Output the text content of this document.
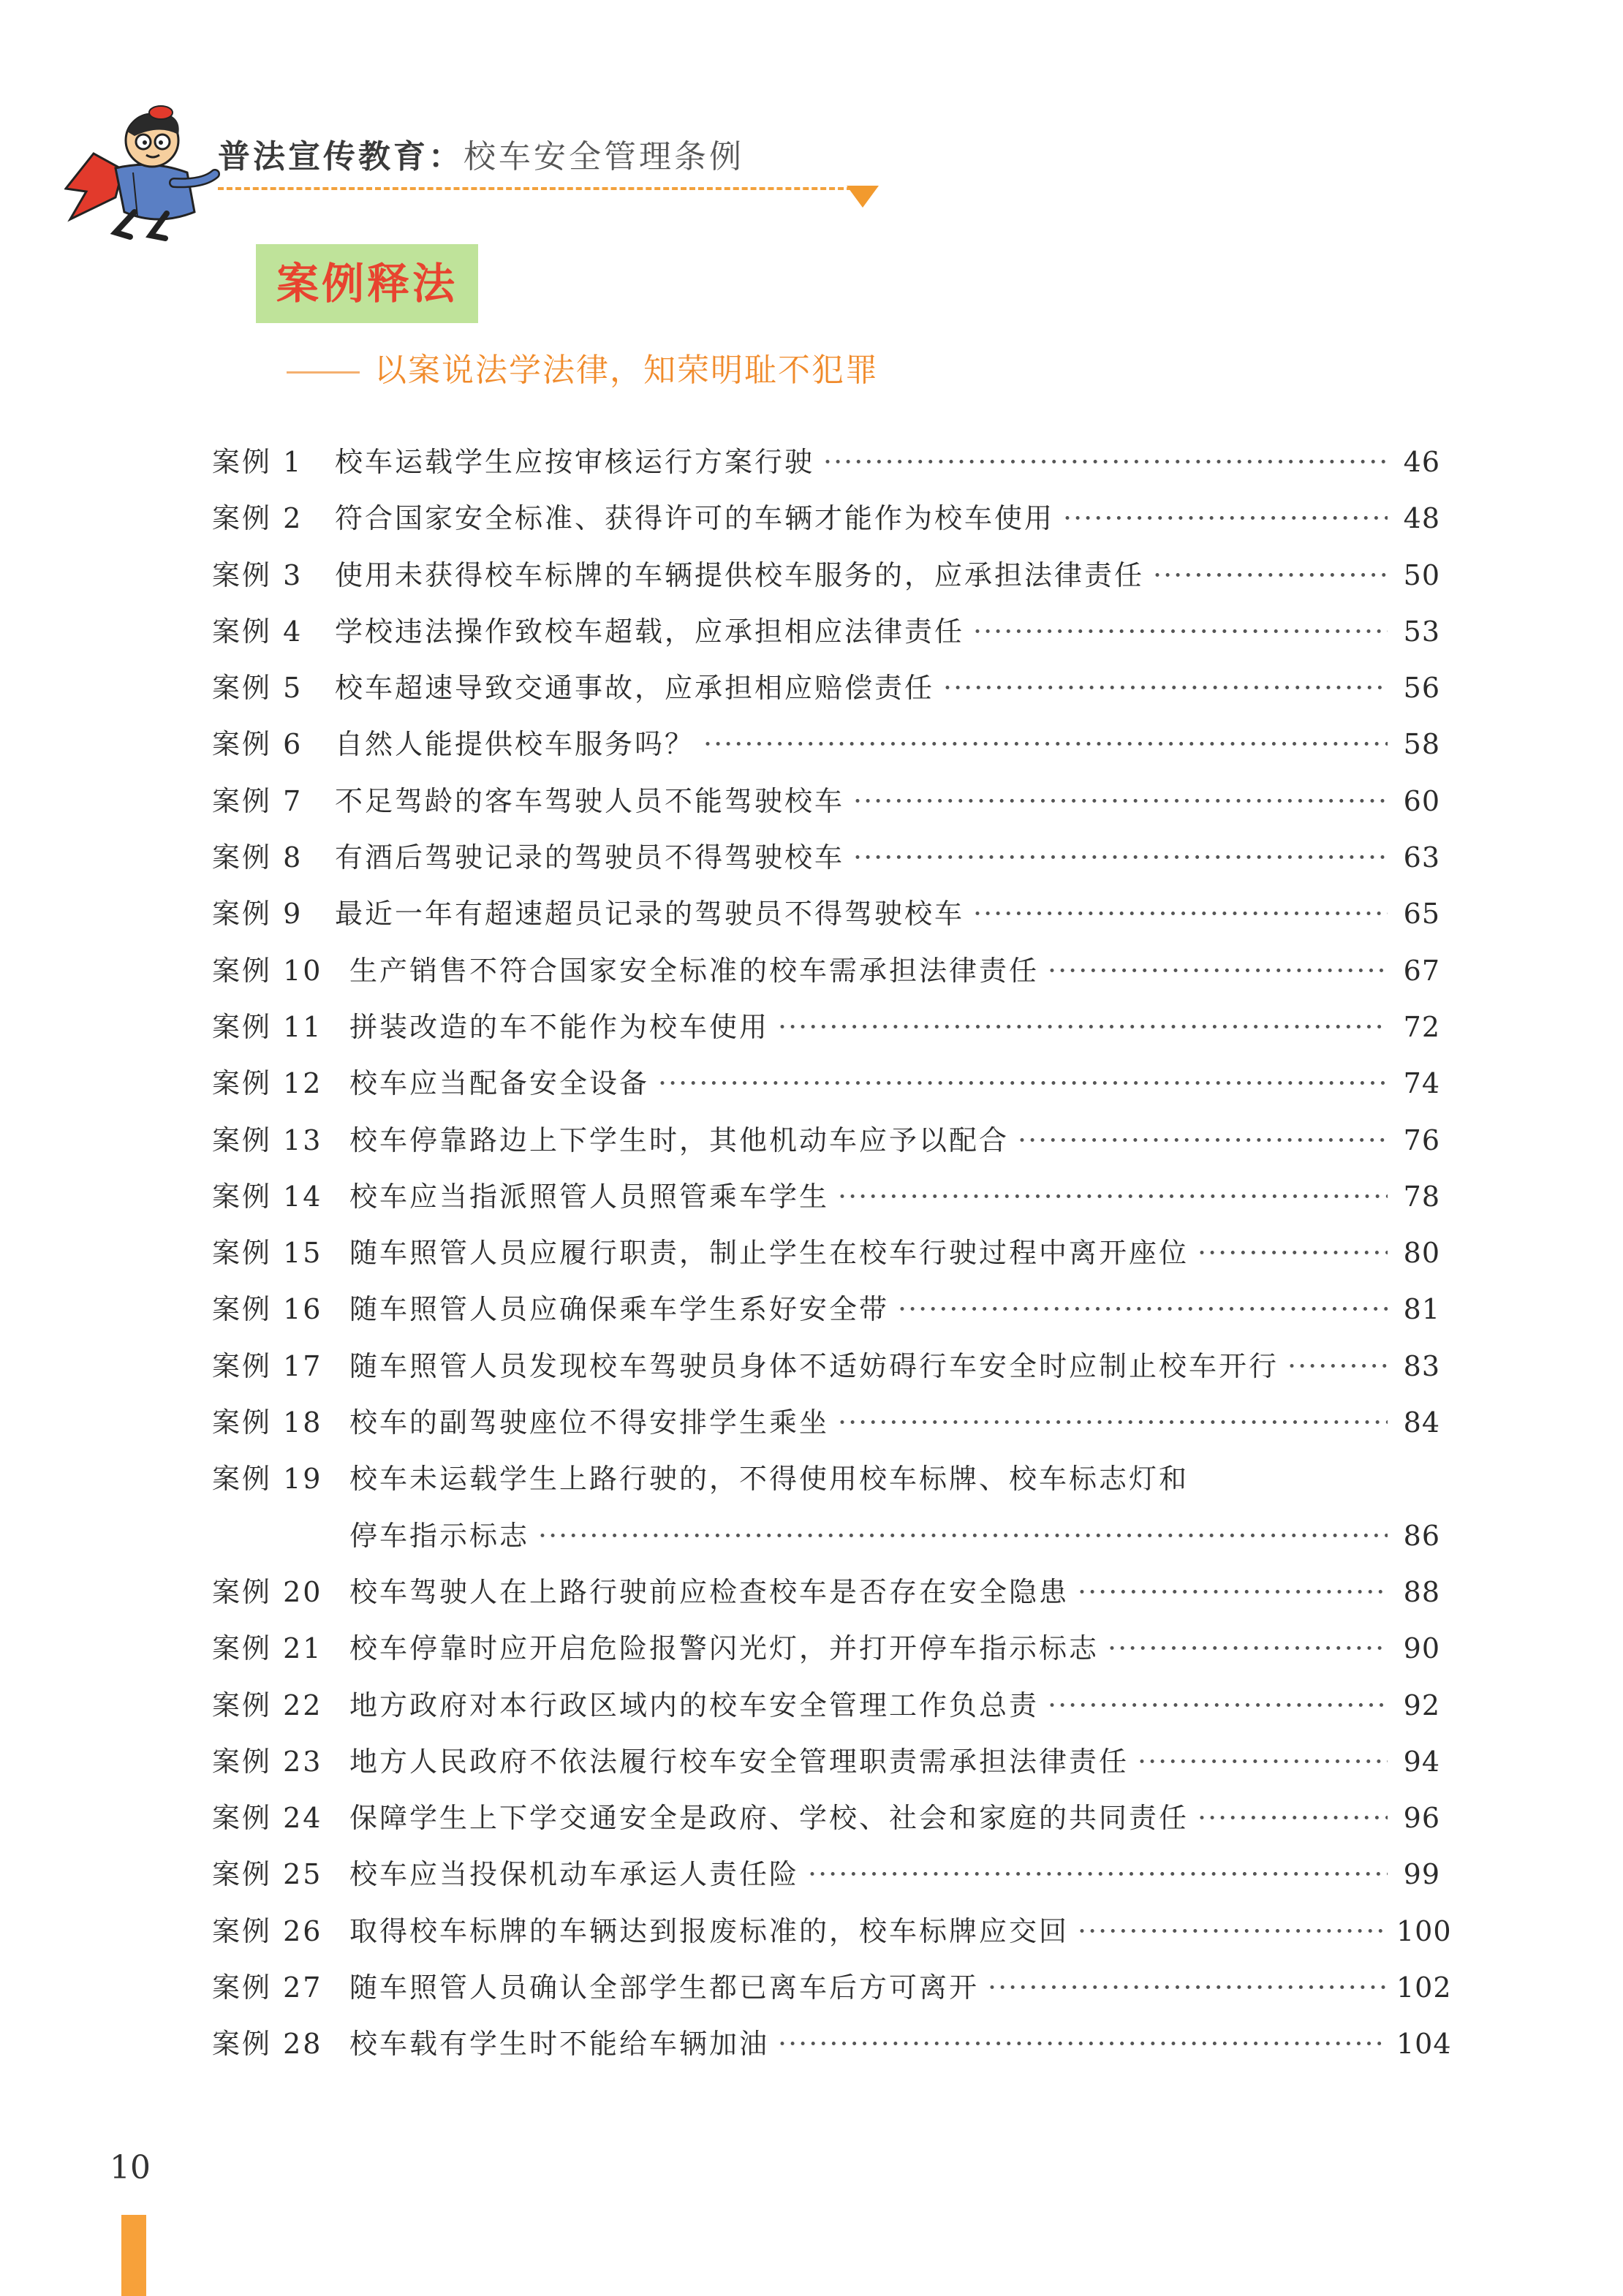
普法宣传教育：校车安全管理条例
案例释法
以案说法学法律，知荣明耻不犯罪
案例 1 校车运载学生应按审核运行方案行驶 ·····	46
案例 2 符合国家安全标准、获得许可的车辆才能作为校车使用 ·····	48
案例 3 使用未获得校车标牌的车辆提供校车服务的，应承担法律责任 ·····	50
案例 4 学校违法操作致校车超载，应承担相应法律责任 ·····	53
案例 5 校车超速导致交通事故，应承担相应赔偿责任 ·····	56
案例 6 自然人能提供校车服务吗？ ·····	58
案例 7 不足驾龄的客车驾驶人员不能驾驶校车 ·····	60
案例 8 有酒后驾驶记录的驾驶员不得驾驶校车 ·····	63
案例 9 最近一年有超速超员记录的驾驶员不得驾驶校车 ·····	65
案例 10 生产销售不符合国家安全标准的校车需承担法律责任 ·····	67
案例 11 拼装改造的车不能作为校车使用 ·····	72
案例 12 校车应当配备安全设备 ·····	74
案例 13 校车停靠路边上下学生时，其他机动车应予以配合 ·····	76
案例 14 校车应当指派照管人员照管乘车学生 ·····	78
案例 15 随车照管人员应履行职责，制止学生在校车行驶过程中离开座位 ·····	80
案例 16 随车照管人员应确保乘车学生系好安全带 ·····	81
案例 17 随车照管人员发现校车驾驶员身体不适妨碍行车安全时应制止校车开行 ·····	83
案例 18 校车的副驾驶座位不得安排学生乘坐 ·····	84
案例 19 校车未运载学生上路行驶的，不得使用校车标牌、校车标志灯和
停车指示标志 ·····	86
案例 20 校车驾驶人在上路行驶前应检查校车是否存在安全隐患 ·····	88
案例 21 校车停靠时应开启危险报警闪光灯，并打开停车指示标志 ·····	90
案例 22 地方政府对本行政区域内的校车安全管理工作负总责 ·····	92
案例 23 地方人民政府不依法履行校车安全管理职责需承担法律责任 ·····	94
案例 24 保障学生上下学交通安全是政府、学校、社会和家庭的共同责任 ·····	96
案例 25 校车应当投保机动车承运人责任险 ·····	99
案例 26 取得校车标牌的车辆达到报废标准的，校车标牌应交回 ·····	100
案例 27 随车照管人员确认全部学生都已离车后方可离开 ·····	102
案例 28 校车载有学生时不能给车辆加油 ·····	104
10
